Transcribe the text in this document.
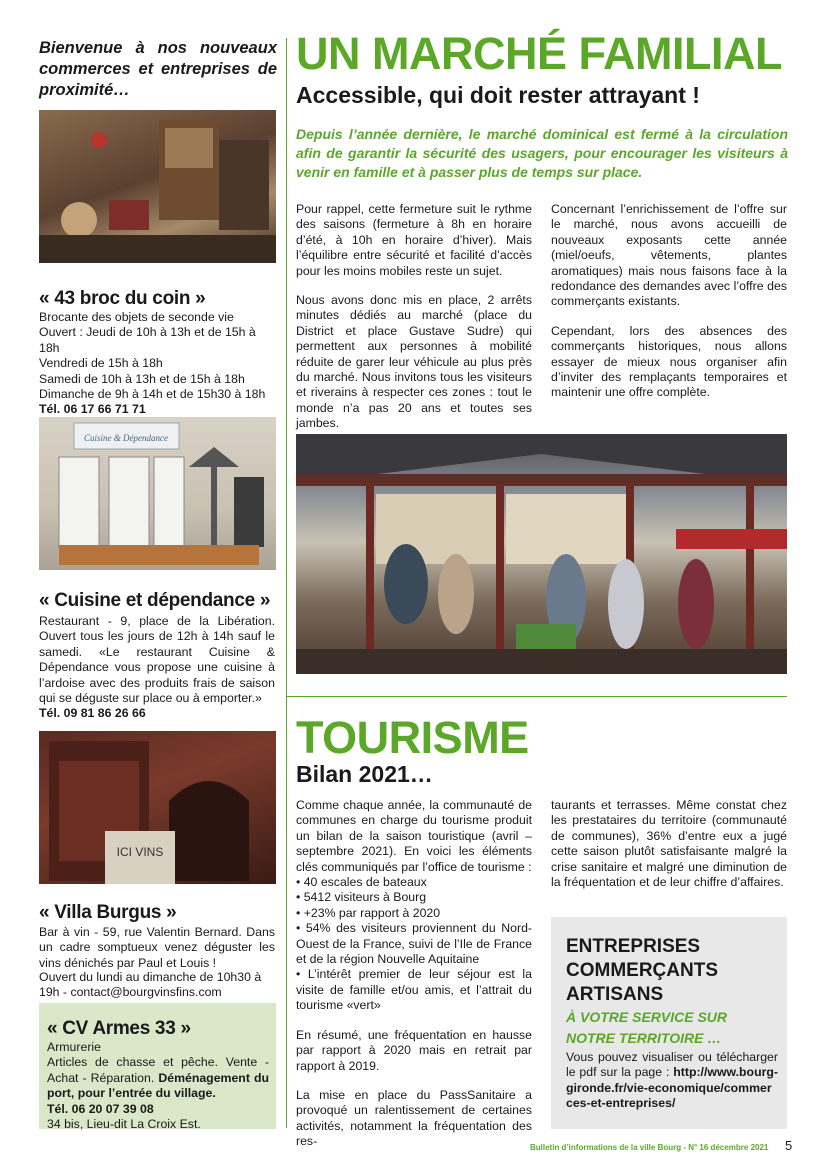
Bienvenue à nos nouveaux commerces et entreprises de proximité…
« 43 broc du coin »
Brocante des objets de seconde vie
Ouvert : Jeudi de 10h à 13h et de 15h à 18h
Vendredi de 15h à 18h
Samedi de 10h à 13h et de 15h à 18h
Dimanche de 9h à 14h et de 15h30 à 18h
Tél. 06 17 66 71 71
Cuisine & Dépendance
« Cuisine et dépendance »
Restaurant - 9, place de la Libération. Ouvert tous les jours de 12h à 14h sauf le samedi. «Le restaurant Cuisine & Dépendance vous propose une cuisine à l’ardoise avec des produits frais de saison qui se déguste sur place ou à emporter.»
Tél. 09 81 86 26 66
ICI VINS
« Villa Burgus »
Bar à vin - 59, rue Valentin Bernard. Dans un cadre somptueux venez déguster les vins dénichés par Paul et Louis !
Ouvert du lundi au dimanche de 10h30 à 19h - contact@bourgvinsfins.com
« CV Armes 33 »
Armurerie
Articles de chasse et pêche. Vente - Achat - Réparation. Déménagement du port, pour l’entrée du village.
Tél. 06 20 07 39 08
34 bis, Lieu-dit La Croix Est.
UN MARCHÉ FAMILIAL
Accessible, qui doit rester attrayant !
Depuis l’année dernière, le marché dominical est fermé à la circulation afin de garantir la sécurité des usagers, pour encourager les visiteurs à venir en famille et à passer plus de temps sur place.

Pour rappel, cette fermeture suit le rythme des saisons (fermeture à 8h en horaire d’été, à 10h en horaire d’hiver). Mais l’équilibre entre sécurité et facilité d’accès pour les moins mobiles reste un sujet.

Nous avons donc mis en place, 2 arrêts minutes dédiés au marché (place du District et place Gustave Sudre) qui permettent aux personnes à mobilité réduite de garer leur véhicule au plus près du marché. Nous invitons tous les visiteurs et riverains à respecter ces zones : tout le monde n’a pas 20 ans et toutes ses jambes.

Concernant l’enrichissement de l’offre sur le marché, nous avons accueilli de nouveaux exposants cette année (miel/oeufs, vêtements, plantes aromatiques) mais nous faisons face à la redondance des demandes avec l’offre des commerçants existants.

Cependant, lors des absences des commerçants historiques, nous allons essayer de mieux nous organiser afin d’inviter des remplaçants temporaires et maintenir une offre complète.

TOURISME
Bilan 2021…

Comme chaque année, la communauté de communes en charge du tourisme produit un bilan de la saison touristique (avril – septembre 2021). En voici les éléments clés communiqués par l’office de tourisme :

• 40 escales de bateaux

• 5412 visiteurs à Bourg

• +23% par rapport à 2020

• 54% des visiteurs proviennent du Nord-Ouest de la France, suivi de l’Ile de France et de la région Nouvelle Aquitaine

• L’intérêt premier de leur séjour est la visite de famille et/ou amis, et l’attrait du tourisme «vert»

En résumé, une fréquentation en hausse par rapport à 2020 mais en retrait par rapport à 2019.

La mise en place du PassSanitaire a provoqué un ralentissement de certaines activités, notamment la fréquentation des res-

taurants et terrasses. Même constat chez les prestataires du territoire (communauté de communes), 36% d’entre eux a jugé cette saison plutôt satisfaisante malgré la crise sanitaire et malgré une diminution de la fréquentation et de leur chiffre d’affaires.
ENTREPRISES
COMMERÇANTS
ARTISANS
À VOTRE SERVICE SUR NOTRE TERRITOIRE …
Vous pouvez visualiser ou télécharger le pdf sur la page : http://www.bourg-gironde.fr/vie-economique/commerces-et-entreprises/
Bulletin d’informations de la ville Bourg - N° 16 décembre 2021 5
